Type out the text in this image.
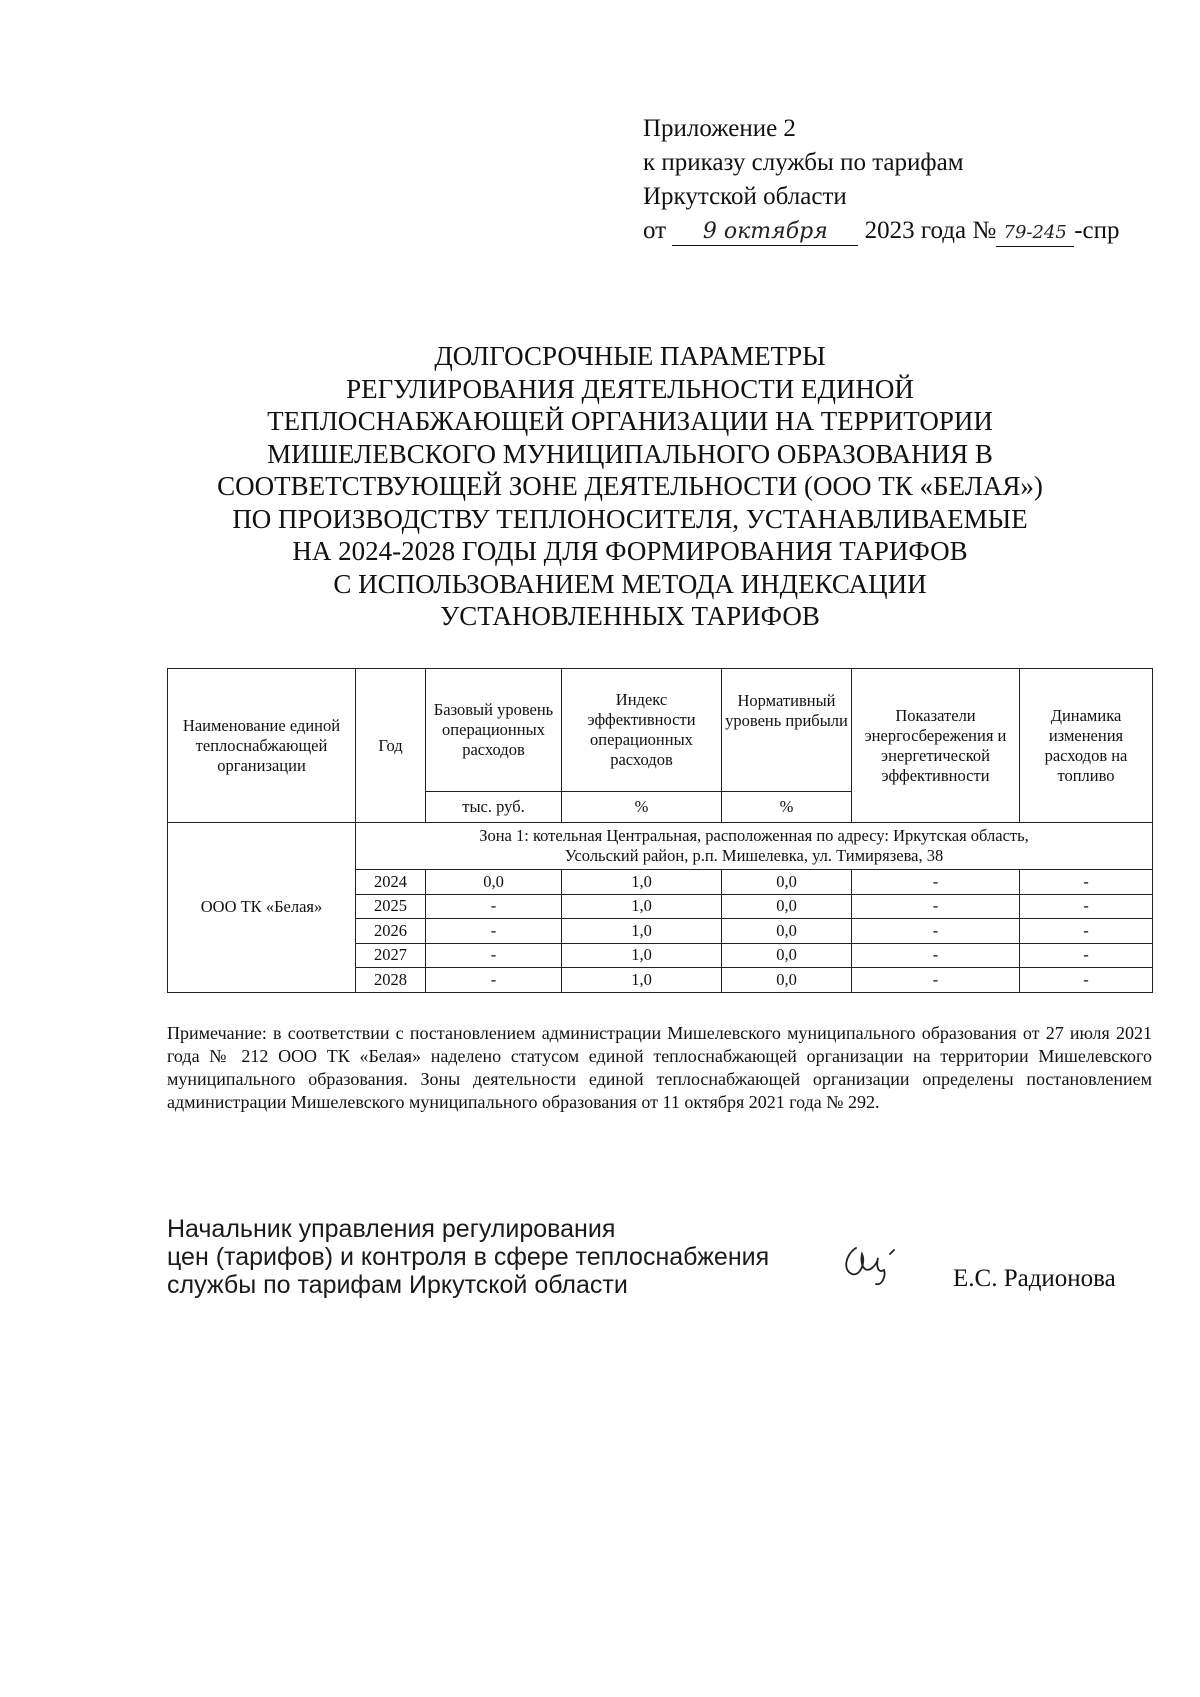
Приложение 2
к приказу службы по тарифам
Иркутской области
от 9 октября 2023 года № 79-245 -спр
ДОЛГОСРОЧНЫЕ ПАРАМЕТРЫ
РЕГУЛИРОВАНИЯ ДЕЯТЕЛЬНОСТИ ЕДИНОЙ
ТЕПЛОСНАБЖАЮЩЕЙ ОРГАНИЗАЦИИ НА ТЕРРИТОРИИ
МИШЕЛЕВСКОГО МУНИЦИПАЛЬНОГО ОБРАЗОВАНИЯ В
СООТВЕТСТВУЮЩЕЙ ЗОНЕ ДЕЯТЕЛЬНОСТИ (ООО ТК «БЕЛАЯ»)
ПО ПРОИЗВОДСТВУ ТЕПЛОНОСИТЕЛЯ, УСТАНАВЛИВАЕМЫЕ
НА 2024-2028 ГОДЫ ДЛЯ ФОРМИРОВАНИЯ ТАРИФОВ
С ИСПОЛЬЗОВАНИЕМ МЕТОДА ИНДЕКСАЦИИ
УСТАНОВЛЕННЫХ ТАРИФОВ
Наименование единой теплоснабжающей организации	Год	Базовый уровень операционных расходов	Индекс эффективности операционных расходов	Нормативный уровень прибыли	Показатели энергосбережения и энергетической эффективности	Динамика изменения расходов на топливо
		тыс. руб.	%	%		
ООО ТК «Белая»	Зона 1: котельная Центральная, расположенная по адресу: Иркутская область,
Усольский район, р.п. Мишелевка, ул. Тимирязева, 38					

	2024	0,0	1,0	0,0	-	-
	2025	-	1,0	0,0	-	-
	2026	-	1,0	0,0	-	-
	2027	-	1,0	0,0	-	-
	2028	-	1,0	0,0	-	-
Примечание: в соответствии с постановлением администрации Мишелевского муниципального образования от 27 июля 2021 года № 212 ООО ТК «Белая» наделено статусом единой теплоснабжающей организации на территории Мишелевского муниципального образования. Зоны деятельности единой теплоснабжающей организации определены постановлением администрации Мишелевского муниципального образования от 11 октября 2021 года № 292.
Начальник управления регулирования
цен (тарифов) и контроля в сфере теплоснабжения
службы по тарифам Иркутской области	Е.С. Радионова
